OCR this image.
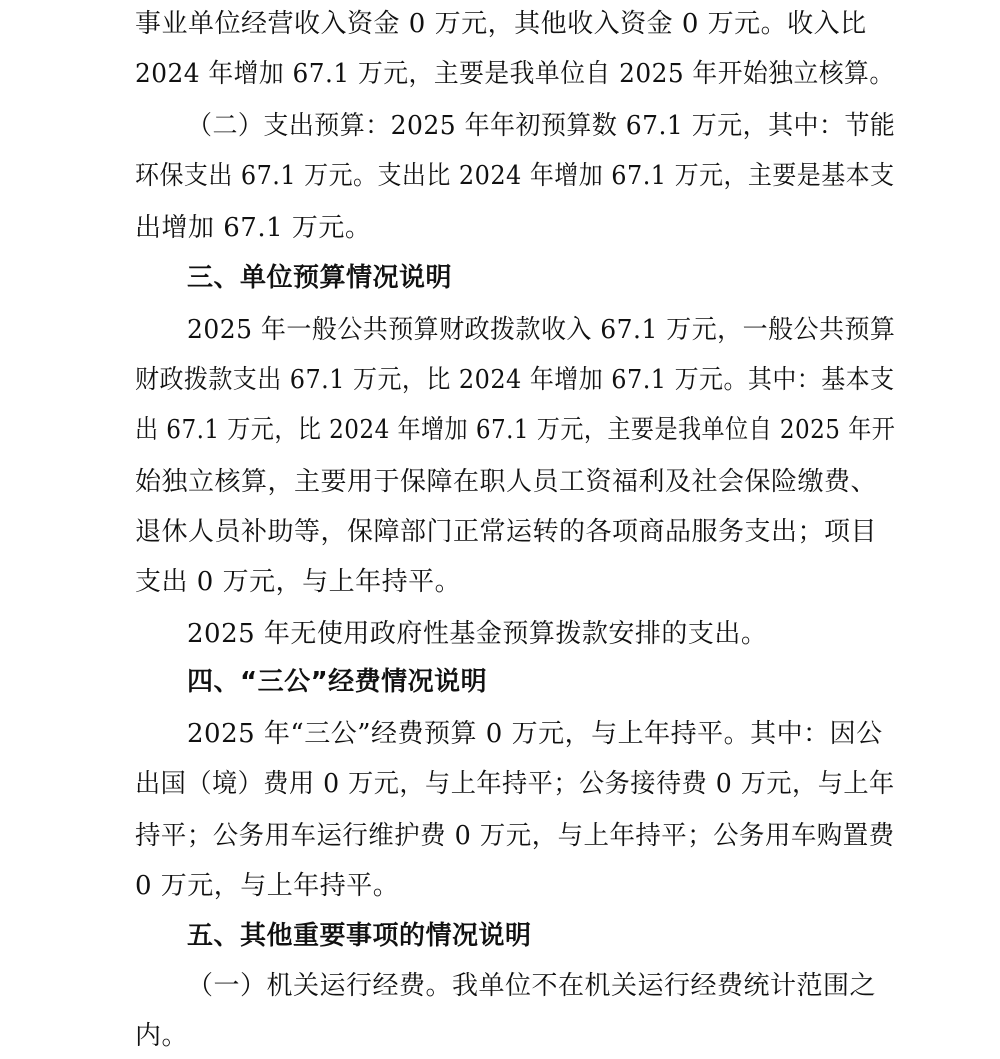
事业单位经营收入资金 0 万元，其他收入资金 0 万元。收入比
2024 年增加 67.1 万元，主要是我单位自 2025 年开始独立核算。
（二）支出预算：2025 年年初预算数 67.1 万元，其中：节能
环保支出 67.1 万元。支出比 2024 年增加 67.1 万元，主要是基本支
出增加 67.1 万元。
三、单位预算情况说明
2025 年一般公共预算财政拨款收入 67.1 万元，一般公共预算
财政拨款支出 67.1 万元，比 2024 年增加 67.1 万元。其中：基本支
出 67.1 万元，比 2024 年增加 67.1 万元，主要是我单位自 2025 年开
始独立核算，主要用于保障在职人员工资福利及社会保险缴费、
退休人员补助等，保障部门正常运转的各项商品服务支出；项目
支出 0 万元，与上年持平。
2025 年无使用政府性基金预算拨款安排的支出。
四、“三公”经费情况说明
2025 年“三公”经费预算 0 万元，与上年持平。其中：因公
出国（境）费用 0 万元，与上年持平；公务接待费 0 万元，与上年
持平；公务用车运行维护费 0 万元，与上年持平；公务用车购置费
0 万元，与上年持平。
五、其他重要事项的情况说明
（一）机关运行经费。我单位不在机关运行经费统计范围之
内。
